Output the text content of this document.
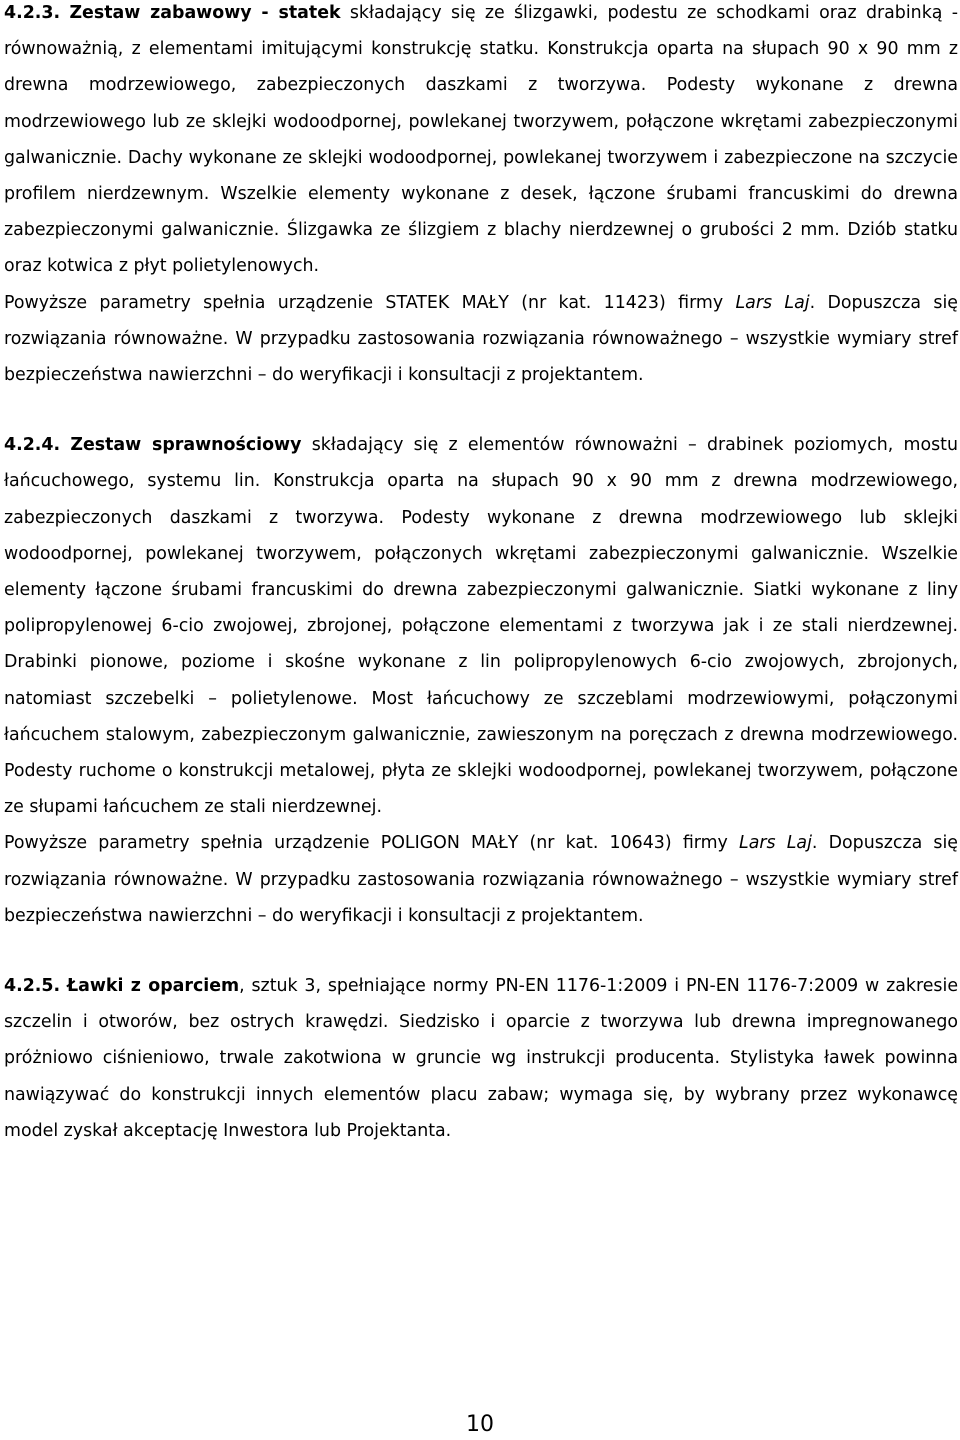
4.2.3. Zestaw zabawowy - statek składający się ze ślizgawki, podestu ze schodkami oraz drabinką - równoważnią, z elementami imitującymi konstrukcję statku. Konstrukcja oparta na słupach 90 x 90 mm z drewna modrzewiowego, zabezpieczonych daszkami z tworzywa. Podesty wykonane z drewna modrzewiowego lub ze sklejki wodoodpornej, powlekanej tworzywem, połączone wkrętami zabezpieczonymi galwanicznie. Dachy wykonane ze sklejki wodoodpornej, powlekanej tworzywem i zabezpieczone na szczycie profilem nierdzewnym. Wszelkie elementy wykonane z desek, łączone śrubami francuskimi do drewna zabezpieczonymi galwanicznie. Ślizgawka ze ślizgiem z blachy nierdzewnej o grubości 2 mm. Dziób statku oraz kotwica z płyt polietylenowych.

Powyższe parametry spełnia urządzenie STATEK MAŁY (nr kat. 11423) firmy Lars Laj. Dopuszcza się rozwiązania równoważne. W przypadku zastosowania rozwiązania równoważnego – wszystkie wymiary stref bezpieczeństwa nawierzchni – do weryfikacji i konsultacji z projektantem.

4.2.4. Zestaw sprawnościowy składający się z elementów równoważni – drabinek poziomych, mostu łańcuchowego, systemu lin. Konstrukcja oparta na słupach 90 x 90 mm z drewna modrzewiowego, zabezpieczonych daszkami z tworzywa. Podesty wykonane z drewna modrzewiowego lub sklejki wodoodpornej, powlekanej tworzywem, połączonych wkrętami zabezpieczonymi galwanicznie. Wszelkie elementy łączone śrubami francuskimi do drewna zabezpieczonymi galwanicznie. Siatki wykonane z liny polipropylenowej 6-cio zwojowej, zbrojonej, połączone elementami z tworzywa jak i ze stali nierdzewnej. Drabinki pionowe, poziome i skośne wykonane z lin polipropylenowych 6-cio zwojowych, zbrojonych, natomiast szczebelki – polietylenowe. Most łańcuchowy ze szczeblami modrzewiowymi, połączonymi łańcuchem stalowym, zabezpieczonym galwanicznie, zawieszonym na poręczach z drewna modrzewiowego. Podesty ruchome o konstrukcji metalowej, płyta ze sklejki wodoodpornej, powlekanej tworzywem, połączone ze słupami łańcuchem ze stali nierdzewnej.

Powyższe parametry spełnia urządzenie POLIGON MAŁY (nr kat. 10643) firmy Lars Laj. Dopuszcza się rozwiązania równoważne. W przypadku zastosowania rozwiązania równoważnego – wszystkie wymiary stref bezpieczeństwa nawierzchni – do weryfikacji i konsultacji z projektantem.

4.2.5. Ławki z oparciem, sztuk 3, spełniające normy PN-EN 1176-1:2009 i PN-EN 1176-7:2009 w zakresie szczelin i otworów, bez ostrych krawędzi. Siedzisko i oparcie z tworzywa lub drewna impregnowanego próżniowo ciśnieniowo, trwale zakotwiona w gruncie wg instrukcji producenta. Stylistyka ławek powinna nawiązywać do konstrukcji innych elementów placu zabaw; wymaga się, by wybrany przez wykonawcę model zyskał akceptację Inwestora lub Projektanta.

10
